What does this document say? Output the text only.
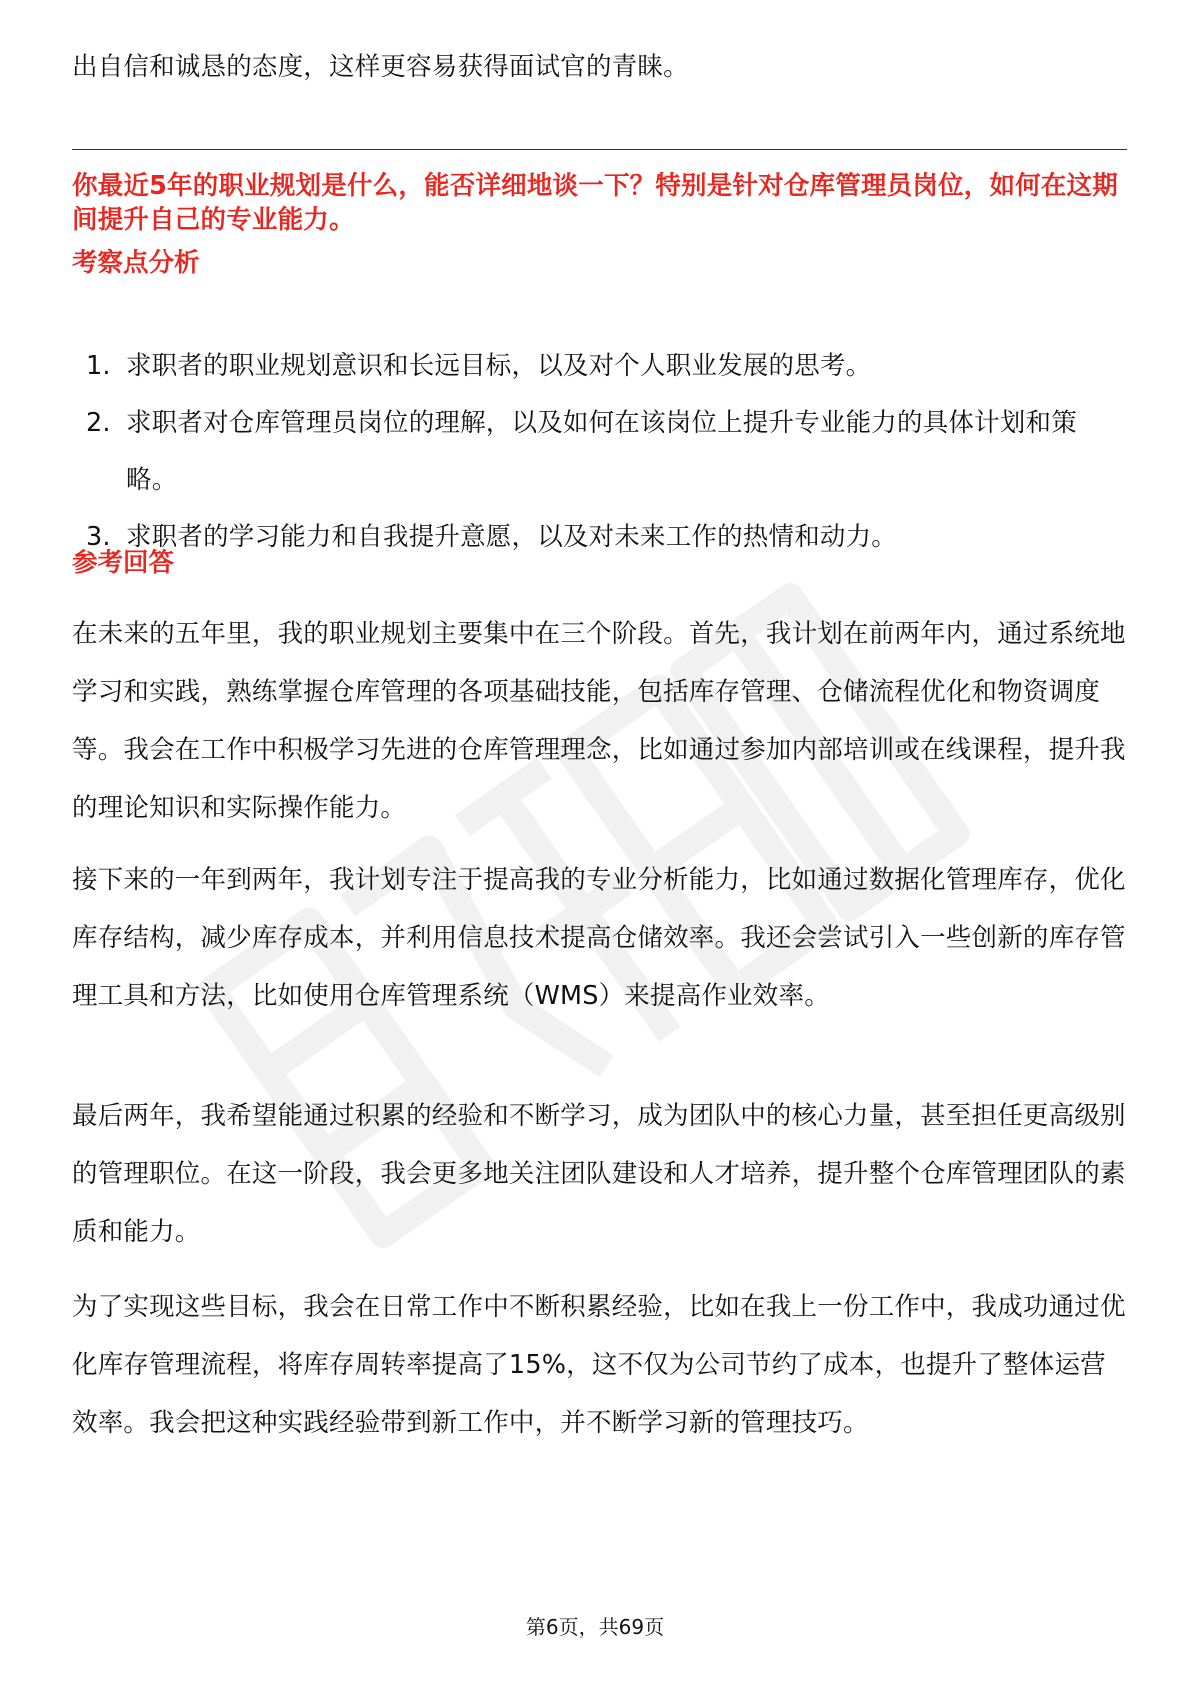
出自信和诚恳的态度，这样更容易获得面试官的青睐。
你最近5年的职业规划是什么，能否详细地谈一下？特别是针对仓库管理员岗位，如何在这期间提升自己的专业能力。
考察点分析
1. 求职者的职业规划意识和长远目标，以及对个人职业发展的思考。
2. 求职者对仓库管理员岗位的理解，以及如何在该岗位上提升专业能力的具体计划和策略。
3. 求职者的学习能力和自我提升意愿，以及对未来工作的热情和动力。
参考回答

在未来的五年里，我的职业规划主要集中在三个阶段。首先，我计划在前两年内，通过系统地学习和实践，熟练掌握仓库管理的各项基础技能，包括库存管理、仓储流程优化和物资调度等。我会在工作中积极学习先进的仓库管理理念，比如通过参加内部培训或在线课程，提升我的理论知识和实际操作能力。

接下来的一年到两年，我计划专注于提高我的专业分析能力，比如通过数据化管理库存，优化库存结构，减少库存成本，并利用信息技术提高仓储效率。我还会尝试引入一些创新的库存管理工具和方法，比如使用仓库管理系统（WMS）来提高作业效率。

最后两年，我希望能通过积累的经验和不断学习，成为团队中的核心力量，甚至担任更高级别的管理职位。在这一阶段，我会更多地关注团队建设和人才培养，提升整个仓库管理团队的素质和能力。

为了实现这些目标，我会在日常工作中不断积累经验，比如在我上一份工作中，我成功通过优化库存管理流程，将库存周转率提高了15%，这不仅为公司节约了成本，也提升了整体运营效率。我会把这种实践经验带到新工作中，并不断学习新的管理技巧。

第6页，共69页
